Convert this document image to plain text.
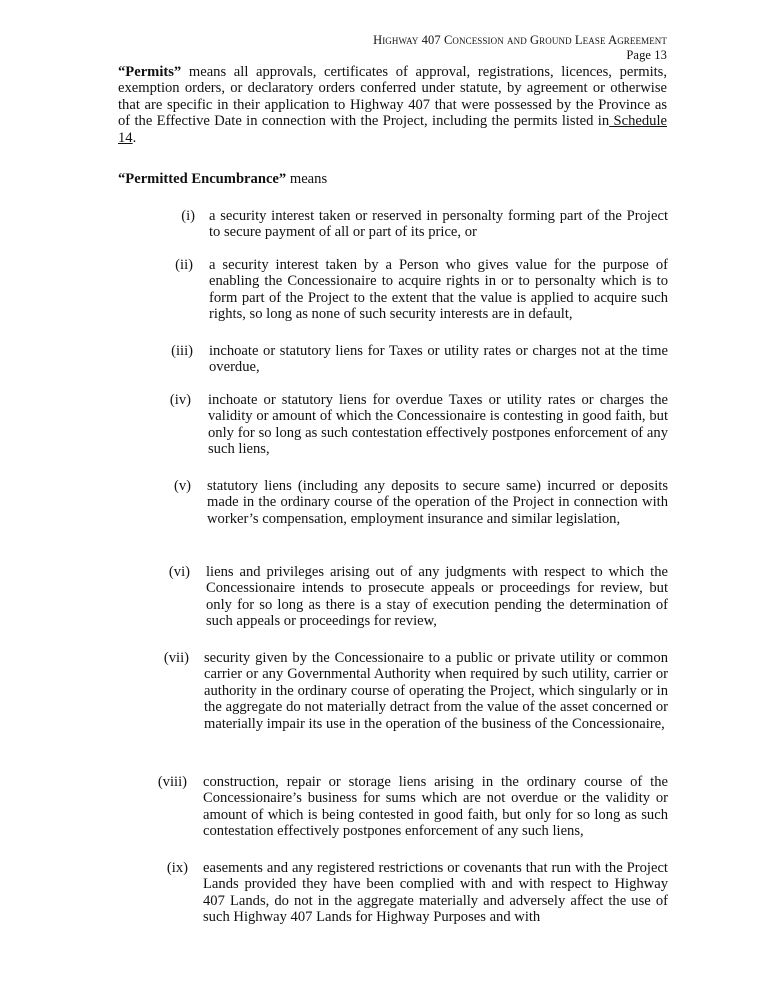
Highway 407 Concession and Ground Lease Agreement
Page 13

“Permits” means all approvals, certificates of approval, registrations, licences, permits, exemption orders, or declaratory orders conferred under statute, by agreement or otherwise that are specific in their application to Highway 407 that were possessed by the Province as of the Effective Date in connection with the Project, including the permits listed in Schedule 14.

“Permitted Encumbrance” means

(i) a security interest taken or reserved in personalty forming part of the Project to secure payment of all or part of its price, or
(ii) a security interest taken by a Person who gives value for the purpose of enabling the Concessionaire to acquire rights in or to personalty which is to form part of the Project to the extent that the value is applied to acquire such rights, so long as none of such security interests are in default,
(iii) inchoate or statutory liens for Taxes or utility rates or charges not at the time overdue,
(iv) inchoate or statutory liens for overdue Taxes or utility rates or charges the validity or amount of which the Concessionaire is contesting in good faith, but only for so long as such contestation effectively postpones enforcement of any such liens,
(v) statutory liens (including any deposits to secure same) incurred or deposits made in the ordinary course of the operation of the Project in connection with worker’s compensation, employment insurance and similar legislation,
(vi) liens and privileges arising out of any judgments with respect to which the Concessionaire intends to prosecute appeals or proceedings for review, but only for so long as there is a stay of execution pending the determination of such appeals or proceedings for review,
(vii) security given by the Concessionaire to a public or private utility or common carrier or any Governmental Authority when required by such utility, carrier or authority in the ordinary course of operating the Project, which singularly or in the aggregate do not materially detract from the value of the asset concerned or materially impair its use in the operation of the business of the Concessionaire,
(viii) construction, repair or storage liens arising in the ordinary course of the Concessionaire’s business for sums which are not overdue or the validity or amount of which is being contested in good faith, but only for so long as such contestation effectively postpones enforcement of any such liens,
(ix) easements and any registered restrictions or covenants that run with the Project Lands provided they have been complied with and with respect to Highway 407 Lands, do not in the aggregate materially and adversely affect the use of such Highway 407 Lands for Highway Purposes and with
